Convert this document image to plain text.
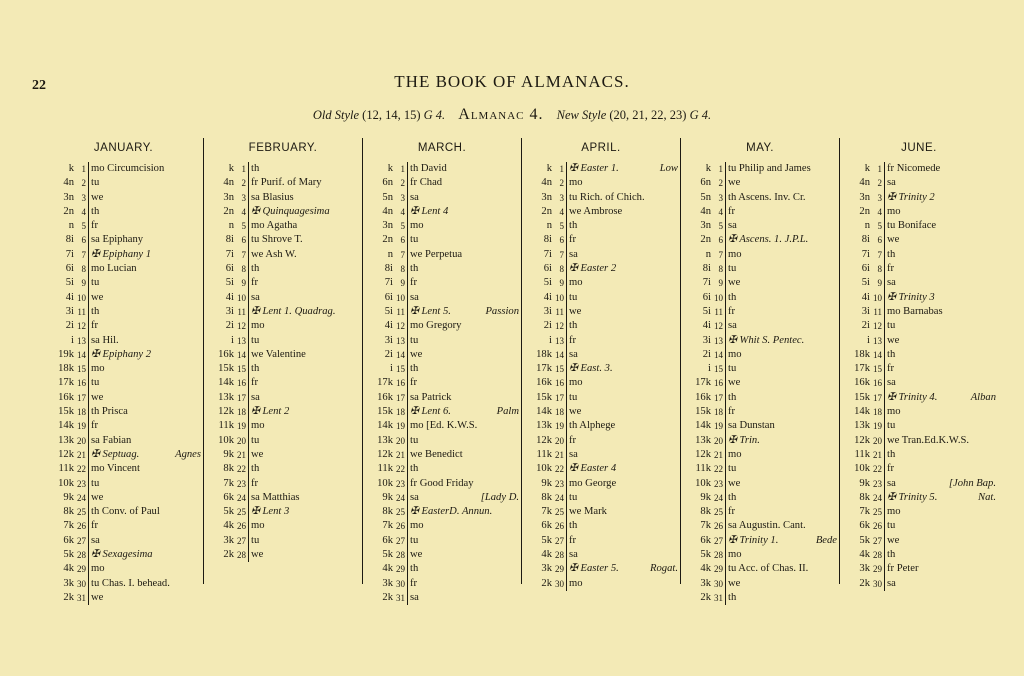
22	THE BOOK OF ALMANACS.
Old Style (12, 14, 15) G 4. Almanac 4. New Style (20, 21, 22, 23) G 4.
JANUARY.
k 1 mo Circumcision
4n 2 tu
3n 3 we
2n 4 th
n 5 fr
8i 6 sa Epiphany
7i 7 ✠ Epiphany 1
6i 8 mo Lucian
5i 9 tu
4i 10 we
3i 11 th
2i 12 fr
i 13 sa Hil.
19k 14 ✠ Epiphany 2
18k 15 mo
17k 16 tu
16k 17 we
15k 18 th Prisca
14k 19 fr
13k 20 sa Fabian
12k 21 ✠ Septuag.	Agnes
11k 22 mo Vincent
10k 23 tu
9k 24 we
8k 25 th Conv. of Paul
7k 26 fr
6k 27 sa
5k 28 ✠ Sexagesima
4k 29 mo
3k 30 tu Chas. I. behead.
2k 31 we
FEBRUARY.
k 1 th
4n 2 fr Purif. of Mary
3n 3 sa Blasius
2n 4 ✠ Quinquagesima
n 5 mo Agatha
8i 6 tu Shrove T.
7i 7 we Ash W.
6i 8 th
5i 9 fr
4i 10 sa
3i 11 ✠ Lent 1. Quadrag.
2i 12 mo
i 13 tu
16k 14 we Valentine
15k 15 th
14k 16 fr
13k 17 sa
12k 18 ✠ Lent 2
11k 19 mo
10k 20 tu
9k 21 we
8k 22 th
7k 23 fr
6k 24 sa Matthias
5k 25 ✠ Lent 3
4k 26 mo
3k 27 tu
2k 28 we
MARCH.
k 1 th David
6n 2 fr Chad
5n 3 sa
4n 4 ✠ Lent 4
3n 5 mo
2n 6 tu
n 7 we Perpetua
8i 8 th
7i 9 fr
6i 10 sa
5i 11 ✠ Lent 5.	Passion
4i 12 mo Gregory
3i 13 tu
2i 14 we
i 15 th
17k 16 fr
16k 17 sa Patrick
15k 18 ✠ Lent 6.	Palm
14k 19 mo [Ed. K.W.S.
13k 20 tu
12k 21 we Benedict
11k 22 th
10k 23 fr Good Friday
9k 24 sa	[Lady D.
8k 25 ✠ EasterD. Annun.
7k 26 mo
6k 27 tu
5k 28 we
4k 29 th
3k 30 fr
2k 31 sa
APRIL.
k 1 ✠ Easter 1.	Low
4n 2 mo
3n 3 tu Rich. of Chich.
2n 4 we Ambrose
n 5 th
8i 6 fr
7i 7 sa
6i 8 ✠ Easter 2
5i 9 mo
4i 10 tu
3i 11 we
2i 12 th
i 13 fr
18k 14 sa
17k 15 ✠ East. 3.
16k 16 mo
15k 17 tu
14k 18 we
13k 19 th Alphege
12k 20 fr
11k 21 sa
10k 22 ✠ Easter 4
9k 23 mo George
8k 24 tu
7k 25 we Mark
6k 26 th
5k 27 fr
4k 28 sa
3k 29 ✠ Easter 5.	Rogat.
2k 30 mo
MAY.
k 1 tu Philip and James
6n 2 we
5n 3 th Ascens. Inv. Cr.
4n 4 fr
3n 5 sa
2n 6 ✠ Ascens. 1. J.P.L.
n 7 mo
8i 8 tu
7i 9 we
6i 10 th
5i 11 fr
4i 12 sa
3i 13 ✠ Whit S. Pentec.
2i 14 mo
i 15 tu
17k 16 we
16k 17 th
15k 18 fr
14k 19 sa Dunstan
13k 20 ✠ Trin.
12k 21 mo
11k 22 tu
10k 23 we
9k 24 th
8k 25 fr
7k 26 sa Augustin. Cant.
6k 27 ✠ Trinity 1.	Bede
5k 28 mo
4k 29 tu Acc. of Chas. II.
3k 30 we
2k 31 th
JUNE.
k 1 fr Nicomede
4n 2 sa
3n 3 ✠ Trinity 2
2n 4 mo
n 5 tu Boniface
8i 6 we
7i 7 th
6i 8 fr
5i 9 sa
4i 10 ✠ Trinity 3
3i 11 mo Barnabas
2i 12 tu
i 13 we
18k 14 th
17k 15 fr
16k 16 sa
15k 17 ✠ Trinity 4.	Alban
14k 18 mo
13k 19 tu
12k 20 we Tran.Ed.K.W.S.
11k 21 th
10k 22 fr
9k 23 sa	[John Bap.
8k 24 ✠ Trinity 5.	Nat.
7k 25 mo
6k 26 tu
5k 27 we
4k 28 th
3k 29 fr Peter
2k 30 sa
